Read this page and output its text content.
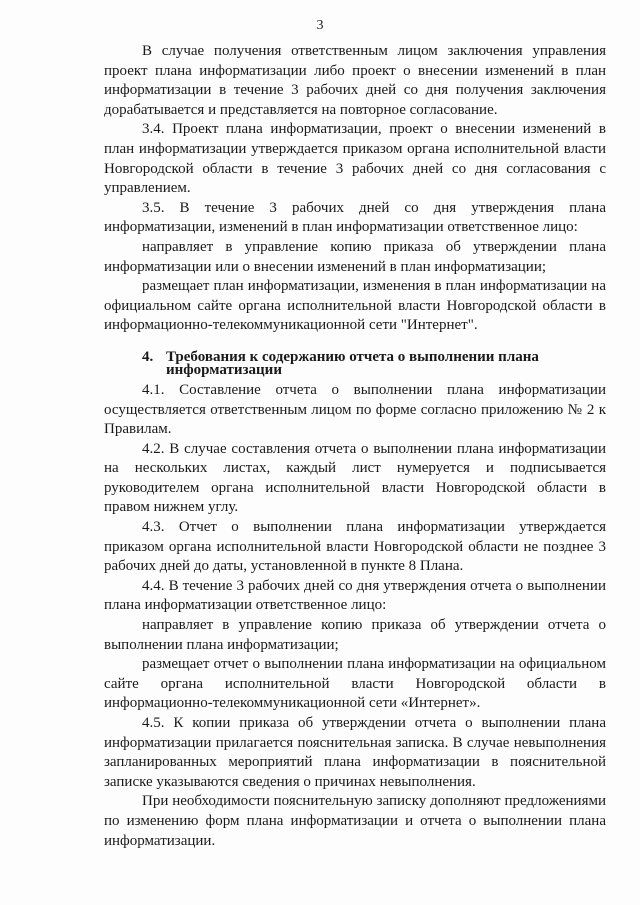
3

В случае получения ответственным лицом заключения управления проект плана информатизации либо проект о внесении изменений в план информатизации в течение 3 рабочих дней со дня получения заключения дорабатывается и представляется на повторное согласование.

3.4. Проект плана информатизации, проект о внесении изменений в план информатизации утверждается приказом органа исполнительной власти Новгородской области в течение 3 рабочих дней со дня согласования с управлением.

3.5. В течение 3 рабочих дней со дня утверждения плана информатизации, изменений в план информатизации ответственное лицо:

направляет в управление копию приказа об утверждении плана информатизации или о внесении изменений в план информатизации;

размещает план информатизации, изменения в план информатизации на официальном сайте органа исполнительной власти Новгородской области в информационно-телекоммуникационной сети "Интернет".

4. Требования к содержанию отчета о выполнении плана
информатизации

4.1. Составление отчета о выполнении плана информатизации осуществляется ответственным лицом по форме согласно приложению № 2 к Правилам.

4.2. В случае составления отчета о выполнении плана информатизации на нескольких листах, каждый лист нумеруется и подписывается руководителем органа исполнительной власти Новгородской области в правом нижнем углу.

4.3. Отчет о выполнении плана информатизации утверждается приказом органа исполнительной власти Новгородской области не позднее 3 рабочих дней до даты, установленной в пункте 8 Плана.

4.4. В течение 3 рабочих дней со дня утверждения отчета о выполнении плана информатизации ответственное лицо:

направляет в управление копию приказа об утверждении отчета о выполнении плана информатизации;

размещает отчет о выполнении плана информатизации на официальном сайте органа исполнительной власти Новгородской области в информационно-телекоммуникационной сети «Интернет».

4.5. К копии приказа об утверждении отчета о выполнении плана информатизации прилагается пояснительная записка. В случае невыполнения запланированных мероприятий плана информатизации в пояснительной записке указываются сведения о причинах невыполнения.

При необходимости пояснительную записку дополняют предложениями по изменению форм плана информатизации и отчета о выполнении плана информатизации.
